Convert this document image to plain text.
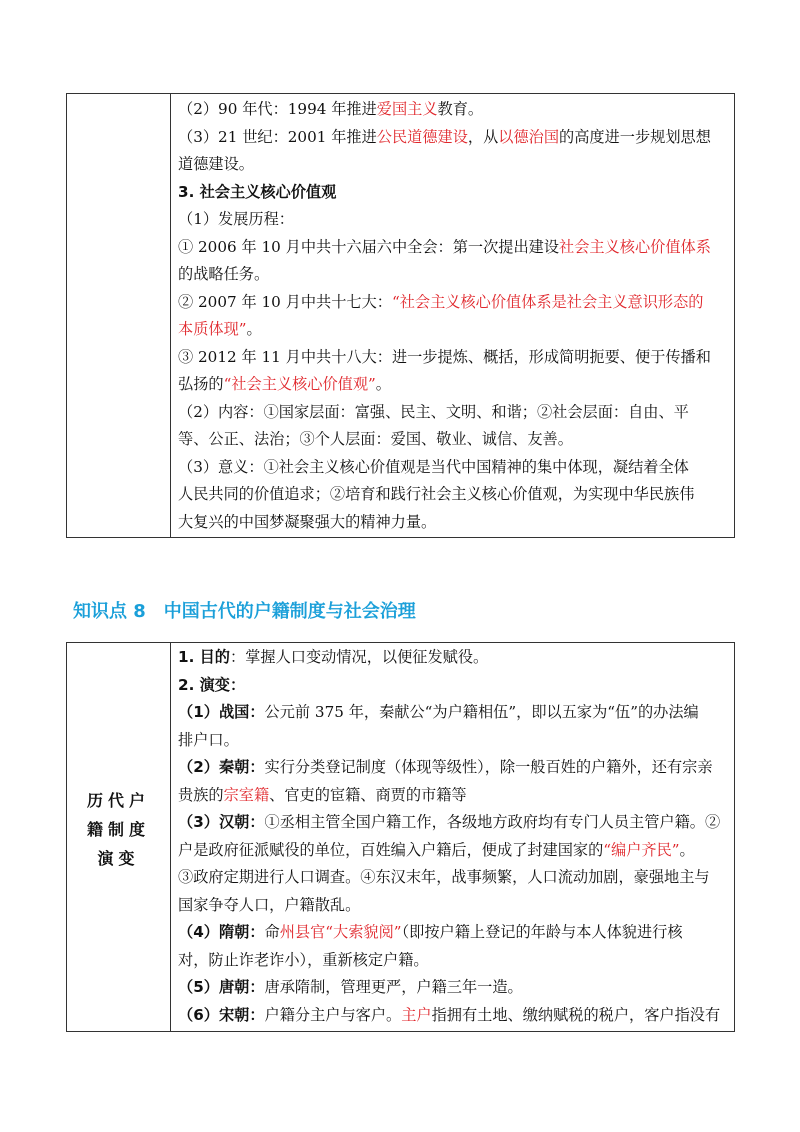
（2）90 年代：1994 年推进爱国主义教育。
（3）21 世纪：2001 年推进公民道德建设，从以德治国的高度进一步规划思想
道德建设。
3. 社会主义核心价值观
（1）发展历程：
① 2006 年 10 月中共十六届六中全会：第一次提出建设社会主义核心价值体系
的战略任务。
② 2007 年 10 月中共十七大：“社会主义核心价值体系是社会主义意识形态的
本质体现”。
③ 2012 年 11 月中共十八大：进一步提炼、概括，形成简明扼要、便于传播和
弘扬的“社会主义核心价值观”。
（2）内容：①国家层面：富强、民主、文明、和谐；②社会层面：自由、平
等、公正、法治；③个人层面：爱国、敬业、诚信、友善。
（3）意义：①社会主义核心价值观是当代中国精神的集中体现，凝结着全体
人民共同的价值追求；②培育和践行社会主义核心价值观，为实现中华民族伟
大复兴的中国梦凝聚强大的精神力量。
知识点 8　中国古代的户籍制度与社会治理
历代户
籍制度
演变
1. 目的：掌握人口变动情况，以便征发赋役。
2. 演变：
（1）战国：公元前 375 年，秦献公“为户籍相伍”，即以五家为“伍”的办法编
排户口。
（2）秦朝：实行分类登记制度（体现等级性），除一般百姓的户籍外，还有宗亲
贵族的宗室籍、官吏的宦籍、商贾的市籍等
（3）汉朝：①丞相主管全国户籍工作，各级地方政府均有专门人员主管户籍。②
户是政府征派赋役的单位，百姓编入户籍后，便成了封建国家的“编户齐民”。
③政府定期进行人口调查。④东汉末年，战事频繁，人口流动加剧，豪强地主与
国家争夺人口，户籍散乱。
（4）隋朝：命州县官“大索貌阅”（即按户籍上登记的年龄与本人体貌进行核
对，防止诈老诈小），重新核定户籍。
（5）唐朝：唐承隋制，管理更严，户籍三年一造。
（6）宋朝：户籍分主户与客户。主户指拥有土地、缴纳赋税的税户，客户指没有
